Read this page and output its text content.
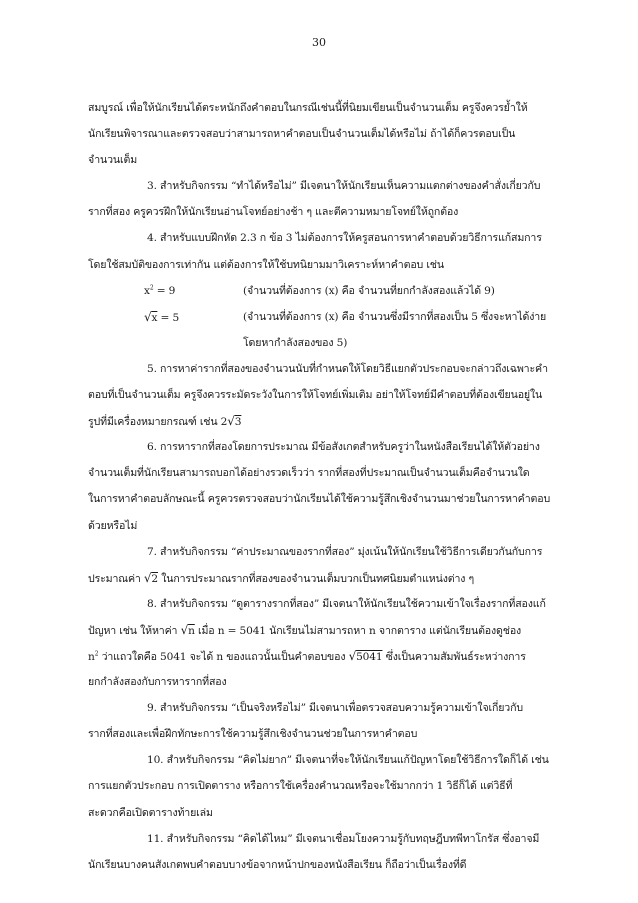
30
สมบูรณ์ เพื่อให้นักเรียนได้ตระหนักถึงคำตอบในกรณีเช่นนี้ที่นิยมเขียนเป็นจำนวนเต็ม ครูจึงควรย้ำให้
นักเรียนพิจารณาและตรวจสอบว่าสามารถหาคำตอบเป็นจำนวนเต็มได้หรือไม่ ถ้าได้ก็ควรตอบเป็น
จำนวนเต็ม
3. สำหรับกิจกรรม “ทำได้หรือไม่” มีเจตนาให้นักเรียนเห็นความแตกต่างของคำสั่งเกี่ยวกับ
รากที่สอง ครูควรฝึกให้นักเรียนอ่านโจทย์อย่างช้า ๆ และตีความหมายโจทย์ให้ถูกต้อง
4. สำหรับแบบฝึกหัด 2.3 ก ข้อ 3 ไม่ต้องการให้ครูสอนการหาคำตอบด้วยวิธีการแก้สมการ
โดยใช้สมบัติของการเท่ากัน แต่ต้องการให้ใช้บทนิยามมาวิเคราะห์หาคำตอบ เช่น
$x^2 = 9$	(จำนวนที่ต้องการ (x) คือ จำนวนที่ยกกำลังสองแล้วได้ 9)
√x = 5	(จำนวนที่ต้องการ (x) คือ จำนวนซึ่งมีรากที่สองเป็น 5 ซึ่งจะหาได้ง่าย
โดยหากำลังสองของ 5)
5. การหาค่ารากที่สองของจำนวนนับที่กำหนดให้โดยวิธีแยกตัวประกอบจะกล่าวถึงเฉพาะคำ
ตอบที่เป็นจำนวนเต็ม ครูจึงควรระมัดระวังในการให้โจทย์เพิ่มเติม อย่าให้โจทย์มีคำตอบที่ต้องเขียนอยู่ใน
รูปที่มีเครื่องหมายกรณฑ์ เช่น 2√3
6. การหารากที่สองโดยการประมาณ มีข้อสังเกตสำหรับครูว่าในหนังสือเรียนได้ให้ตัวอย่าง
จำนวนเต็มที่นักเรียนสามารถบอกได้อย่างรวดเร็วว่า รากที่สองที่ประมาณเป็นจำนวนเต็มคือจำนวนใด
ในการหาคำตอบลักษณะนี้ ครูควรตรวจสอบว่านักเรียนได้ใช้ความรู้สึกเชิงจำนวนมาช่วยในการหาคำตอบ
ด้วยหรือไม่
7. สำหรับกิจกรรม “ค่าประมาณของรากที่สอง” มุ่งเน้นให้นักเรียนใช้วิธีการเดียวกันกับการ
ประมาณค่า √2 ในการประมาณรากที่สองของจำนวนเต็มบวกเป็นทศนิยมตำแหน่งต่าง ๆ
8. สำหรับกิจกรรม “ดูตารางรากที่สอง” มีเจตนาให้นักเรียนใช้ความเข้าใจเรื่องรากที่สองแก้
ปัญหา เช่น ให้หาค่า √n เมื่อ n = 5041 นักเรียนไม่สามารถหา n จากตาราง แต่นักเรียนต้องดูช่อง
$n^2$ ว่าแถวใดคือ 5041 จะได้ n ของแถวนั้นเป็นคำตอบของ √5041 ซึ่งเป็นความสัมพันธ์ระหว่างการ
ยกกำลังสองกับการหารากที่สอง
9. สำหรับกิจกรรม “เป็นจริงหรือไม่” มีเจตนาเพื่อตรวจสอบความรู้ความเข้าใจเกี่ยวกับ
รากที่สองและเพื่อฝึกทักษะการใช้ความรู้สึกเชิงจำนวนช่วยในการหาคำตอบ
10. สำหรับกิจกรรม “คิดไม่ยาก” มีเจตนาที่จะให้นักเรียนแก้ปัญหาโดยใช้วิธีการใดก็ได้ เช่น
การแยกตัวประกอบ การเปิดตาราง หรือการใช้เครื่องคำนวณหรือจะใช้มากกว่า 1 วิธีก็ได้ แต่วิธีที่
สะดวกคือเปิดตารางท้ายเล่ม
11. สำหรับกิจกรรม “คิดได้ไหม” มีเจตนาเชื่อมโยงความรู้กับทฤษฎีบทพีทาโกรัส ซึ่งอาจมี
นักเรียนบางคนสังเกตพบคำตอบบางข้อจากหน้าปกของหนังสือเรียน ก็ถือว่าเป็นเรื่องที่ดี
